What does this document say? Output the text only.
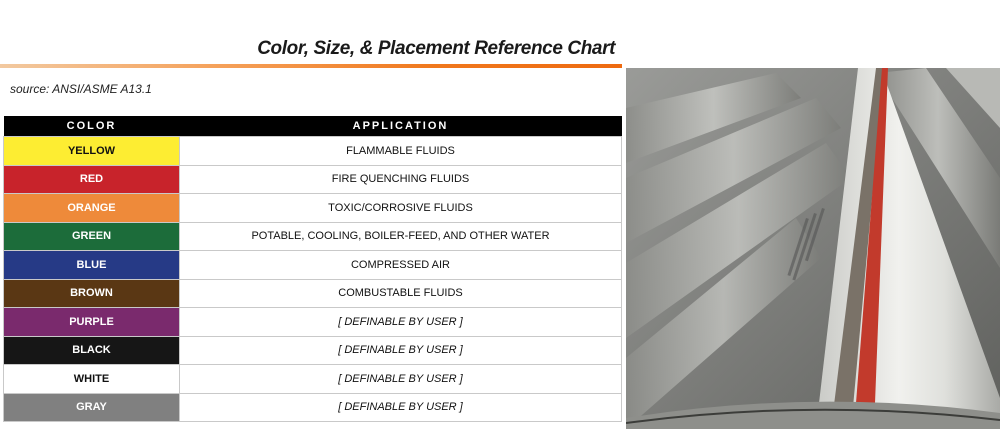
Color, Size, & Placement Reference Chart
source: ANSI/ASME A13.1
COLOR	APPLICATION
YELLOW	FLAMMABLE FLUIDS
RED	FIRE QUENCHING FLUIDS
ORANGE	TOXIC/CORROSIVE FLUIDS
GREEN	POTABLE, COOLING, BOILER-FEED, AND OTHER WATER
BLUE	COMPRESSED AIR
BROWN	COMBUSTABLE FLUIDS
PURPLE	[ DEFINABLE BY USER ]
BLACK	[ DEFINABLE BY USER ]
WHITE	[ DEFINABLE BY USER ]
GRAY	[ DEFINABLE BY USER ]
